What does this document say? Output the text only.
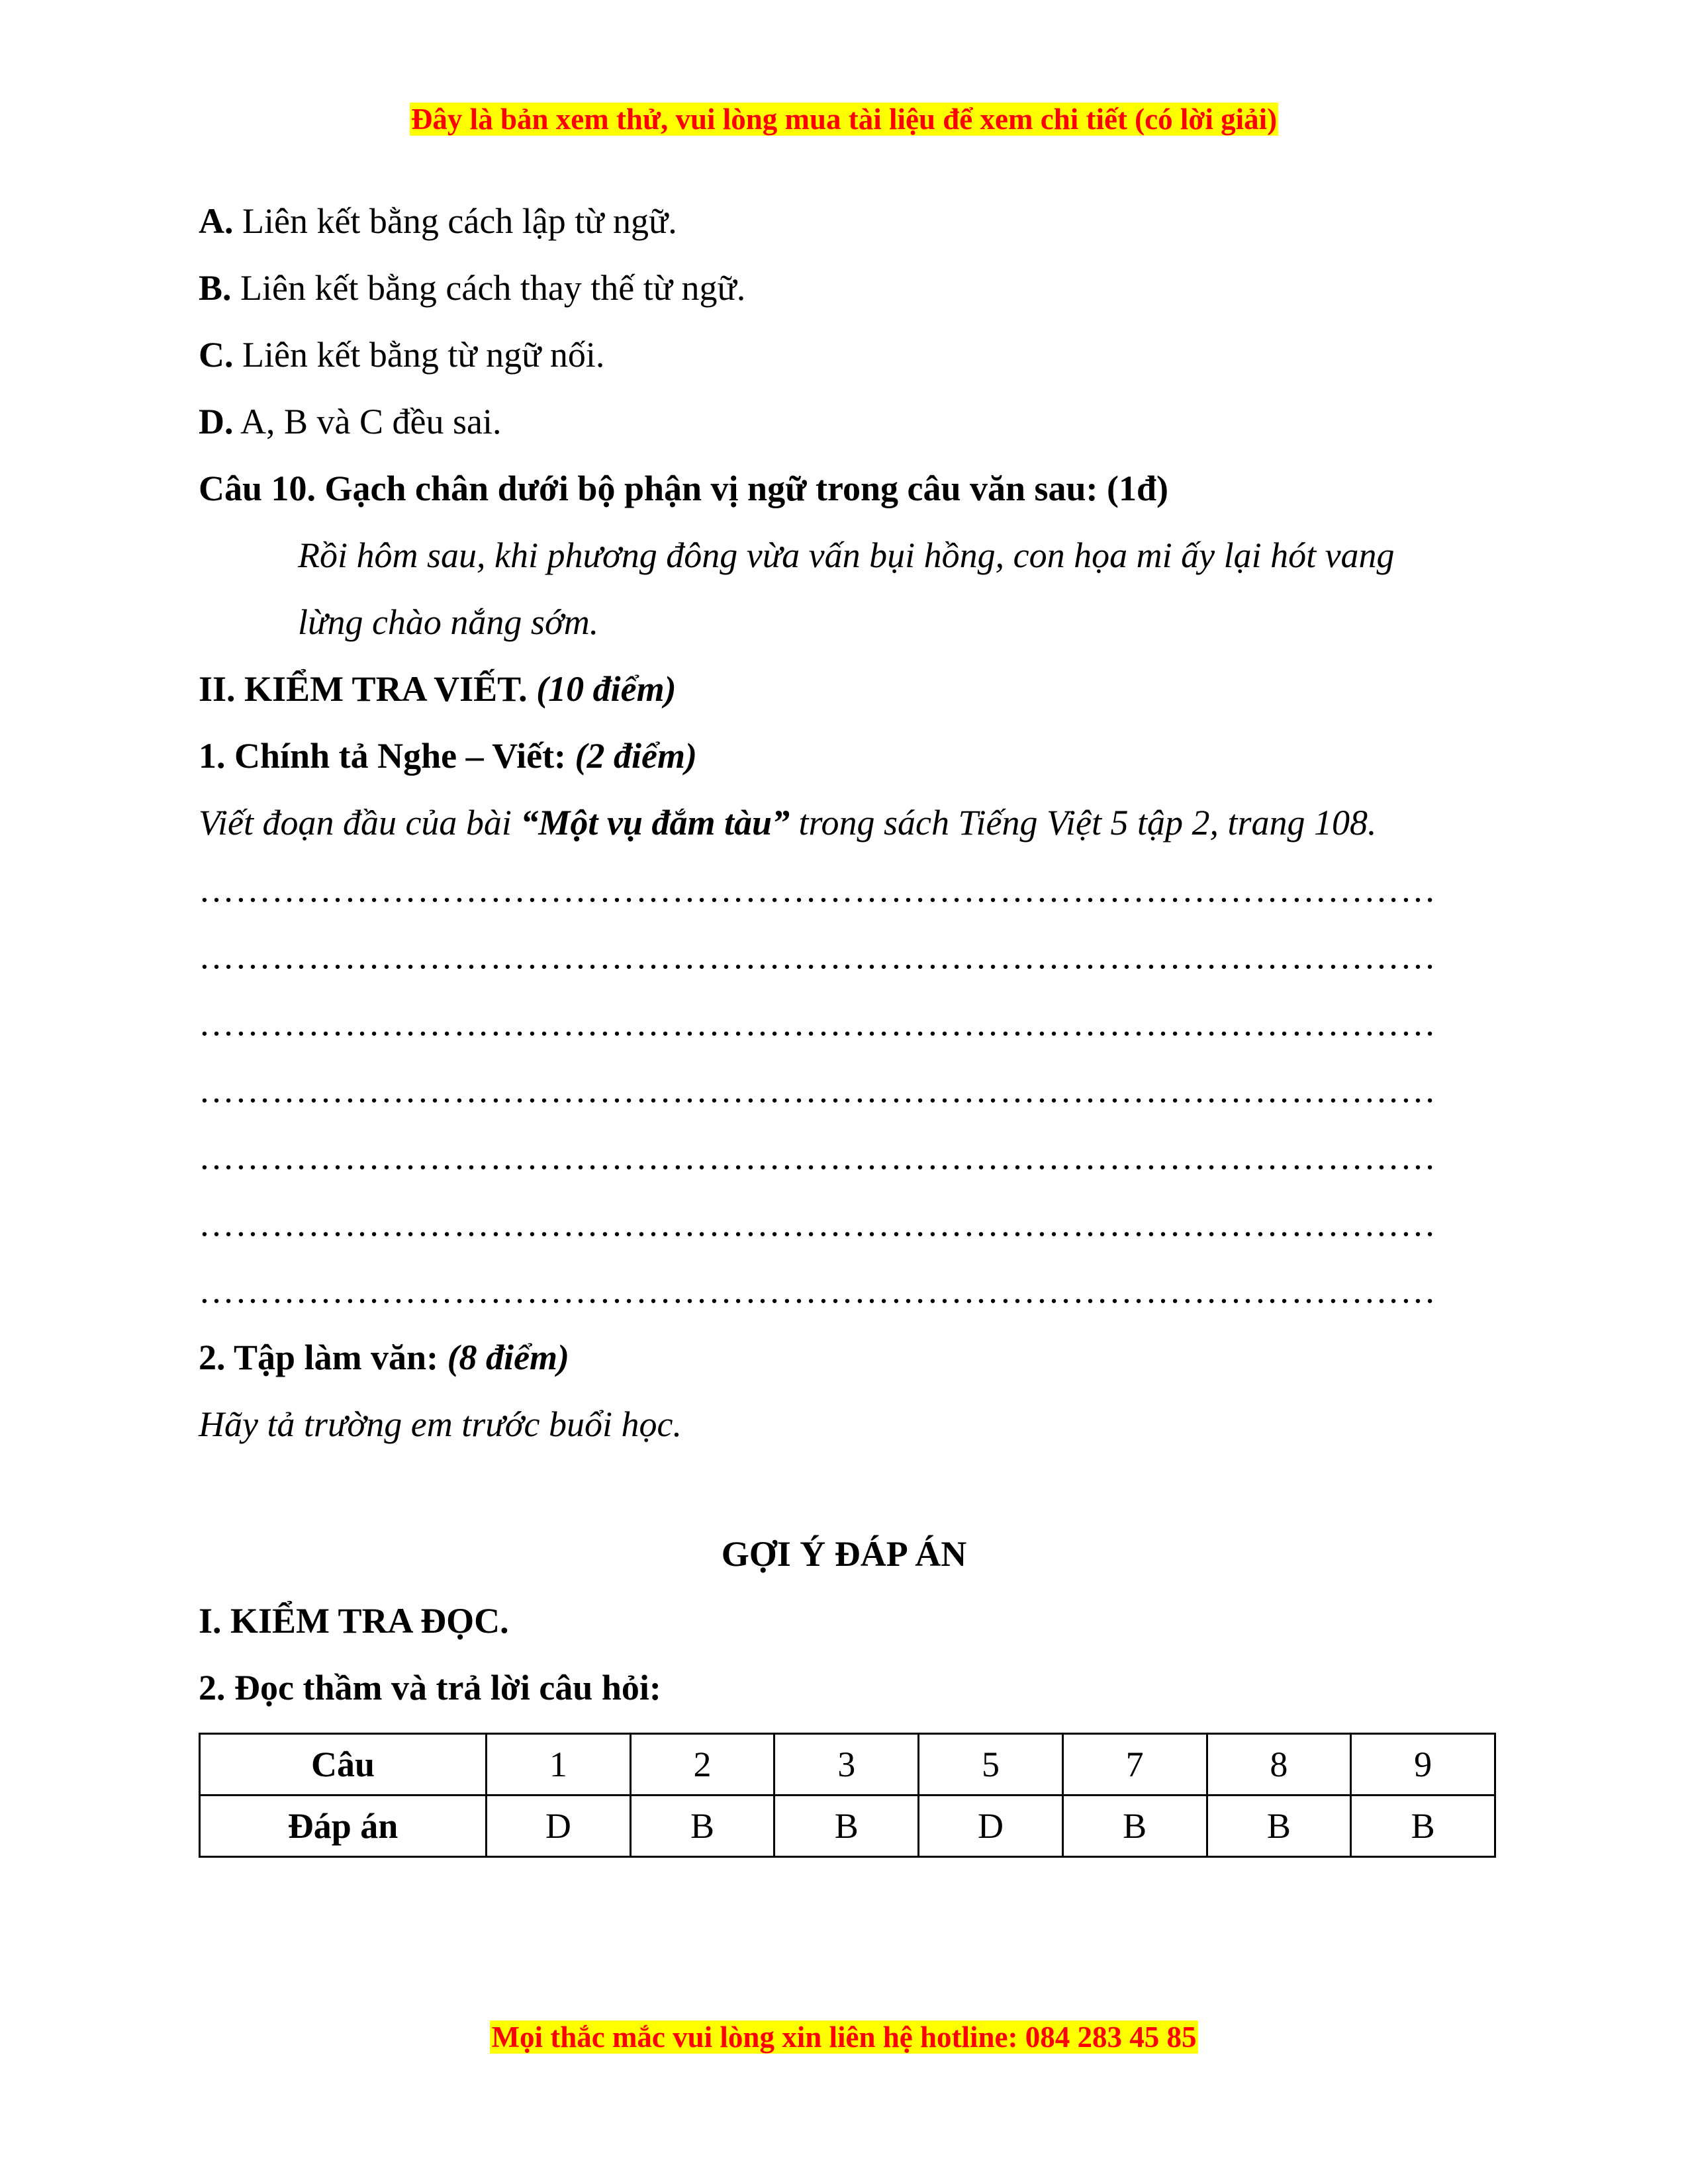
Đây là bản xem thử, vui lòng mua tài liệu để xem chi tiết (có lời giải)
A. Liên kết bằng cách lập từ ngữ.
B. Liên kết bằng cách thay thế từ ngữ.
C. Liên kết bằng từ ngữ nối.
D. A, B và C đều sai.
Câu 10. Gạch chân dưới bộ phận vị ngữ trong câu văn sau: (1đ)
Rồi hôm sau, khi phương đông vừa vấn bụi hồng, con họa mi ấy lại hót vang
lừng chào nắng sớm.
II. KIỂM TRA VIẾT. (10 điểm)
1. Chính tả Nghe – Viết: (2 điểm)
Viết đoạn đầu của bài “Một vụ đắm tàu” trong sách Tiếng Việt 5 tập 2, trang 108.
…………………………………………………………………………………………
…………………………………………………………………………………………
…………………………………………………………………………………………
…………………………………………………………………………………………
…………………………………………………………………………………………
…………………………………………………………………………………………
…………………………………………………………………………………………
2. Tập làm văn: (8 điểm)
Hãy tả trường em trước buổi học.
GỢI Ý ĐÁP ÁN
I. KIỂM TRA ĐỌC.
2. Đọc thầm và trả lời câu hỏi:
Câu	1	2	3	5	7	8	9
Đáp án	D	B	B	D	B	B	B
Mọi thắc mắc vui lòng xin liên hệ hotline: 084 283 45 85
